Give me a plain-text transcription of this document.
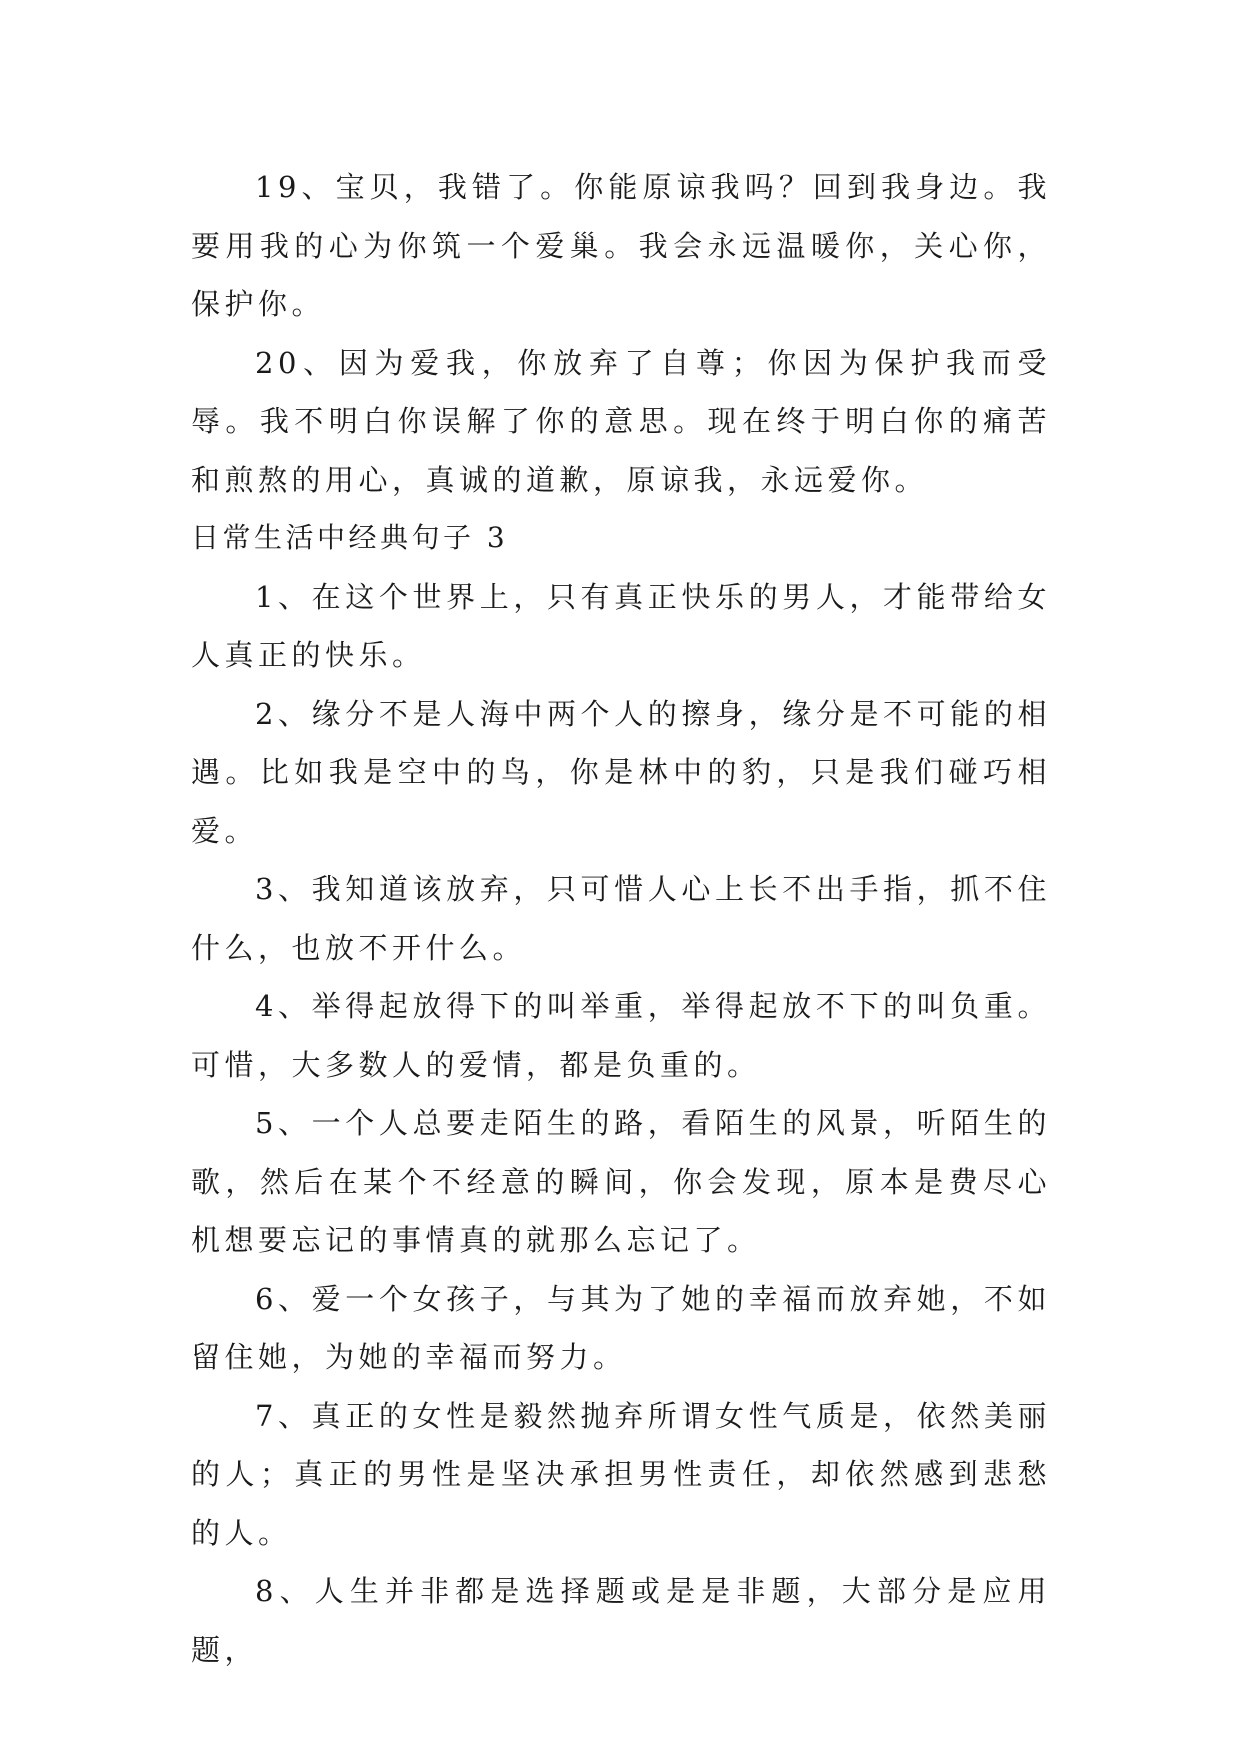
19、宝贝，我错了。你能原谅我吗？回到我身边。我要用我的心为你筑一个爱巢。我会永远温暖你，关心你，保护你。

20、因为爱我，你放弃了自尊；你因为保护我而受辱。我不明白你误解了你的意思。现在终于明白你的痛苦和煎熬的用心，真诚的道歉，原谅我，永远爱你。

日常生活中经典句子 3

1、在这个世界上，只有真正快乐的男人，才能带给女人真正的快乐。

2、缘分不是人海中两个人的擦身，缘分是不可能的相遇。比如我是空中的鸟，你是林中的豹，只是我们碰巧相爱。

3、我知道该放弃，只可惜人心上长不出手指，抓不住什么，也放不开什么。

4、举得起放得下的叫举重，举得起放不下的叫负重。可惜，大多数人的爱情，都是负重的。

5、一个人总要走陌生的路，看陌生的风景，听陌生的歌，然后在某个不经意的瞬间，你会发现，原本是费尽心机想要忘记的事情真的就那么忘记了。

6、爱一个女孩子，与其为了她的幸福而放弃她，不如留住她，为她的幸福而努力。

7、真正的女性是毅然抛弃所谓女性气质是，依然美丽的人；真正的男性是坚决承担男性责任，却依然感到悲愁的人。

8、人生并非都是选择题或是是非题，大部分是应用题，
